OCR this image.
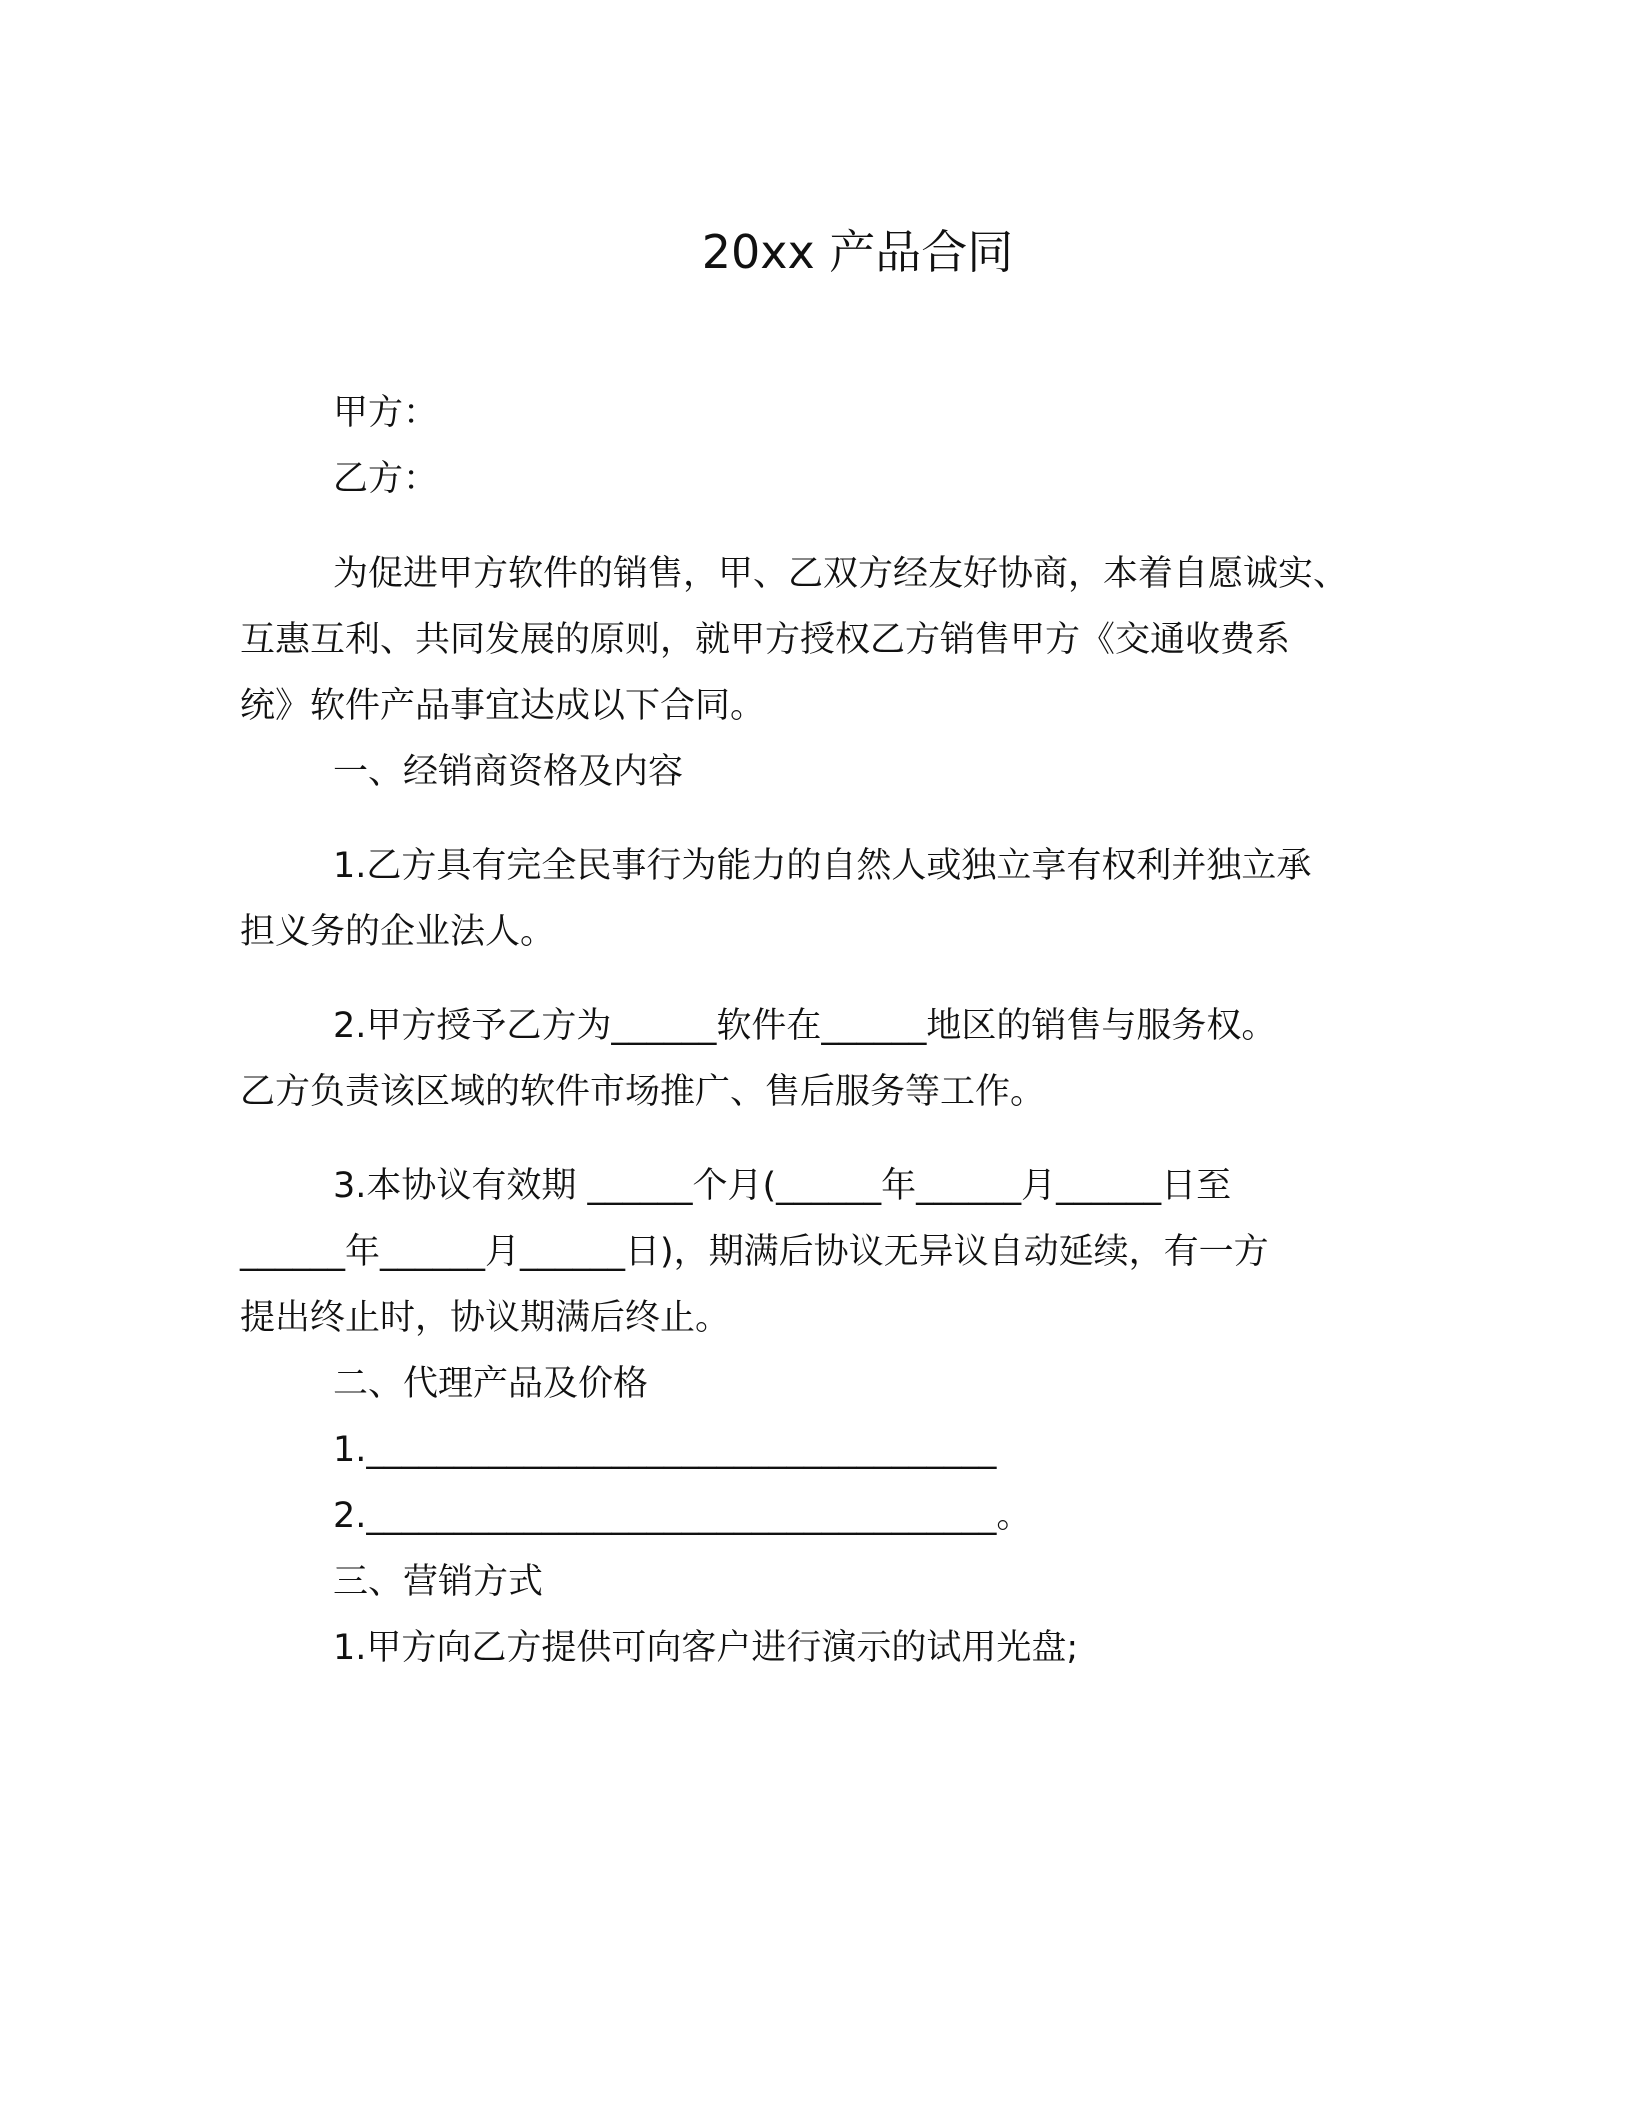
20xx 产品合同
甲方：
乙方：
为促进甲方软件的销售，甲、乙双方经友好协商，本着自愿诚实、
互惠互利、共同发展的原则，就甲方授权乙方销售甲方《交通收费系
统》软件产品事宜达成以下合同。
一、经销商资格及内容
1.乙方具有完全民事行为能力的自然人或独立享有权利并独立承
担义务的企业法人。
2.甲方授予乙方为______软件在______地区的销售与服务权。
乙方负责该区域的软件市场推广、售后服务等工作。
3.本协议有效期 ______个月(______年______月______日至
______年______月______日)，期满后协议无异议自动延续，有一方
提出终止时，协议期满后终止。
二、代理产品及价格
1.____________________________________
2.____________________________________。
三、营销方式
1.甲方向乙方提供可向客户进行演示的试用光盘;
